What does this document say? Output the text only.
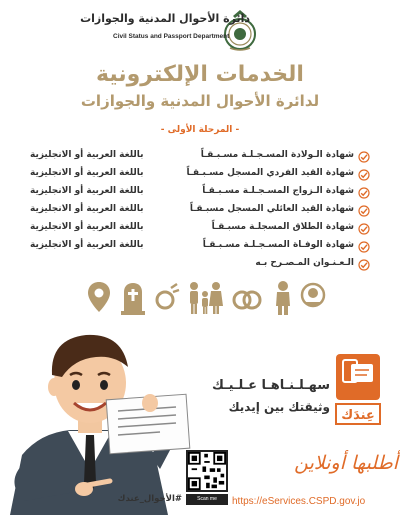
دائرة الأحوال المدنية والجوازات
Civil Status and Passport Department
الخدمات الإلكترونية
لدائرة الأحوال المدنية والجوازات
- المرحلة الأولى -
شهادة الـولادة المسـجـلـة مسـبـقـاً
باللغة العربية أو الانجليزية
شهادة القيد الفردي المسجل مسـبـقـاً
باللغة العربية أو الانجليزية
شهادة الـزواج المسـجـلـة مسـبـقـاً
باللغة العربية أو الانجليزية
شهادة القيد العائلي المسجل مسبـقـاً
باللغة العربية أو الانجليزية
شهادة الطلاق المسجلـة مسبـقـاً
باللغة العربية أو الانجليزية
شهادة الوفـاة المسـجـلـة مسـبـقـاً
باللغة العربية أو الانجليزية
الـعـنـوان المـصـرح بـه
عِندَك
سهـلـنـاهـا عـلـيـك
وثيقتك بين إيديك
Scan me
#الأحوال_عندك
أطلبها أونلاين
https://eServices.CSPD.gov.jo
